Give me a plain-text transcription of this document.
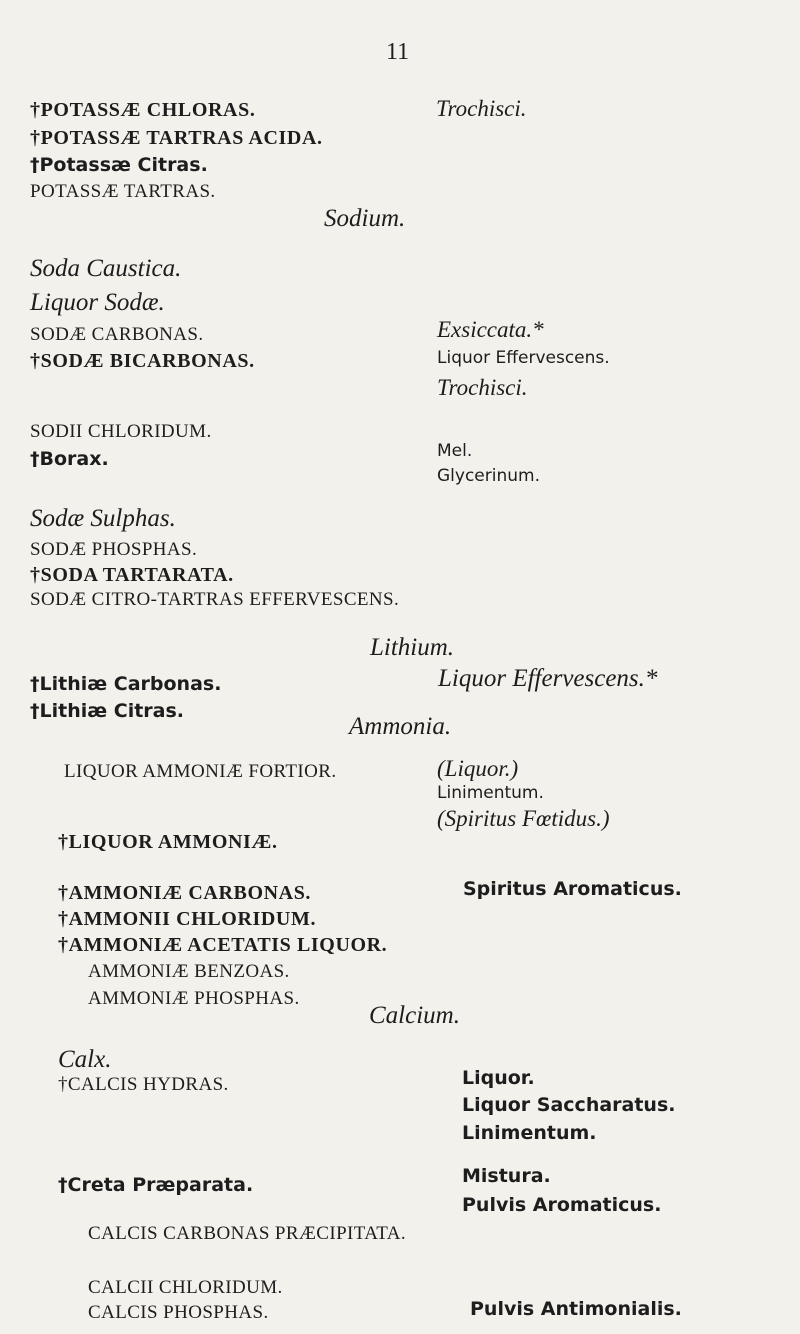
11
†POTASSÆ CHLORAS.	Trochisci.
†POTASSÆ TARTRAS ACIDA.
†Potassæ Citras.
POTASSÆ TARTRAS.
Sodium.
Soda Caustica.
Liquor Sodæ.
SODÆ CARBONAS.	Exsiccata.*
†SODÆ BICARBONAS.	Liquor Effervescens.
Trochisci.
SODII CHLORIDUM.
†Borax.	Mel.
Glycerinum.
Sodæ Sulphas.
SODÆ PHOSPHAS.
†SODA TARTARATA.
SODÆ CITRO-TARTRAS EFFERVESCENS.
Lithium.
Liquor Effervescens.*
†Lithiæ Carbonas.
†Lithiæ Citras.
Ammonia.
LIQUOR AMMONIÆ FORTIOR.	(Liquor.)
Linimentum.
(Spiritus Fœtidus.)
†LIQUOR AMMONIÆ.
†AMMONIÆ CARBONAS.	Spiritus Aromaticus.
†AMMONII CHLORIDUM.
†AMMONIÆ ACETATIS LIQUOR.
AMMONIÆ BENZOAS.
AMMONIÆ PHOSPHAS.
Calcium.
Calx.
†CALCIS HYDRAS.	Liquor.
Liquor Saccharatus.
Linimentum.
†Creta Præparata.	Mistura.
Pulvis Aromaticus.
CALCIS CARBONAS PRÆCIPITATA.
CALCII CHLORIDUM.
CALCIS PHOSPHAS.	Pulvis Antimonialis.
